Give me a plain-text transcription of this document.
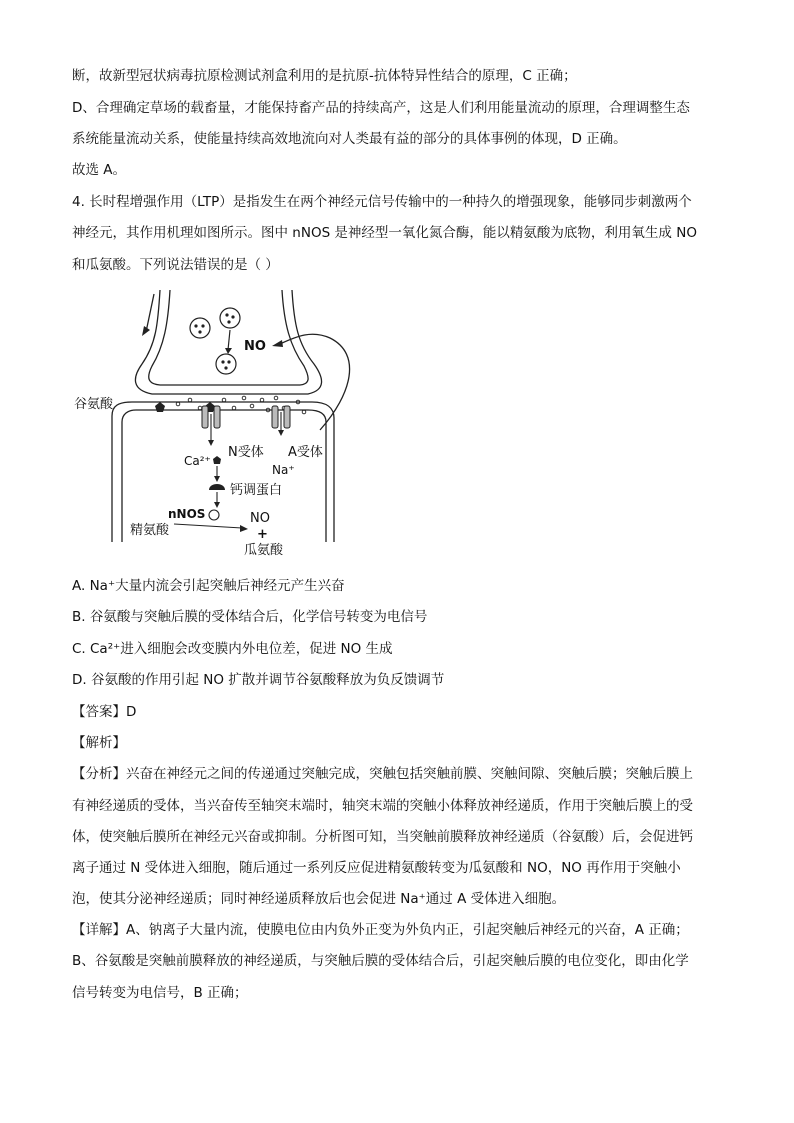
断，故新型冠状病毒抗原检测试剂盒利用的是抗原-抗体特异性结合的原理，C 正确；
D、合理确定草场的载畜量，才能保持畜产品的持续高产，这是人们利用能量流动的原理，合理调整生态
系统能量流动关系，使能量持续高效地流向对人类最有益的部分的具体事例的体现，D 正确。
故选 A。
4. 长时程增强作用（LTP）是指发生在两个神经元信号传输中的一种持久的增强现象，能够同步刺激两个
神经元，其作用机理如图所示。图中 nNOS 是神经型一氧化氮合酶，能以精氨酸为底物，利用氧生成 NO
和瓜氨酸。下列说法错误的是（ ）
谷氨酸
NO
Ca²⁺
N受体 A受体
Na⁺
钙调蛋白
nNOS	NO
+
精氨酸
瓜氨酸
A. Na⁺大量内流会引起突触后神经元产生兴奋
B. 谷氨酸与突触后膜的受体结合后，化学信号转变为电信号
C. Ca²⁺进入细胞会改变膜内外电位差，促进 NO 生成
D. 谷氨酸的作用引起 NO 扩散并调节谷氨酸释放为负反馈调节
【答案】D
【解析】
【分析】兴奋在神经元之间的传递通过突触完成，突触包括突触前膜、突触间隙、突触后膜；突触后膜上
有神经递质的受体，当兴奋传至轴突末端时，轴突末端的突触小体释放神经递质，作用于突触后膜上的受
体，使突触后膜所在神经元兴奋或抑制。分析图可知，当突触前膜释放神经递质（谷氨酸）后，会促进钙
离子通过 N 受体进入细胞，随后通过一系列反应促进精氨酸转变为瓜氨酸和 NO，NO 再作用于突触小
泡，使其分泌神经递质；同时神经递质释放后也会促进 Na⁺通过 A 受体进入细胞。
【详解】A、钠离子大量内流，使膜电位由内负外正变为外负内正，引起突触后神经元的兴奋，A 正确；
B、谷氨酸是突触前膜释放的神经递质，与突触后膜的受体结合后，引起突触后膜的电位变化，即由化学
信号转变为电信号，B 正确；
